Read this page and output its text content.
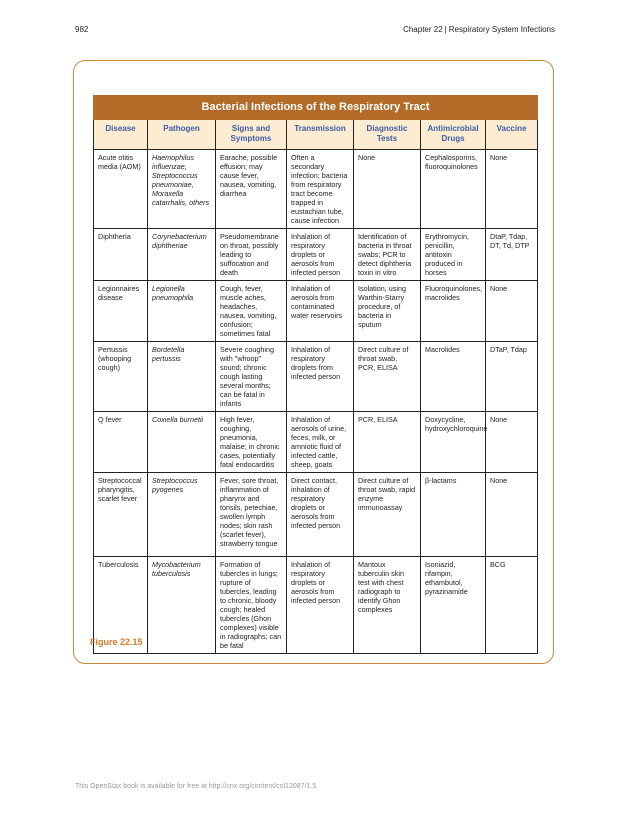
982	Chapter 22 | Respiratory System Infections
Bacterial Infections of the Respiratory Tract						
Disease	Pathogen	Signs and Symptoms	Transmission	Diagnostic Tests	Antimicrobial Drugs	Vaccine
Acute otitis media (AOM)	Haemophilus influenzae, Streptococcus pneumoniae, Moraxella catarrhalis, others	Earache, possible effusion; may cause fever, nausea, vomiting, diarrhea	Often a secondary infection; bacteria from respiratory tract become trapped in eustachian tube, cause infection	None	Cephalosporins, fluoroquinolones	None
Diphtheria	Corynebacterium diphtheriae	Pseudomembrane on throat, possibly leading to suffocation and death	Inhalation of respiratory droplets or aerosols from infected person	Identification of bacteria in throat swabs; PCR to detect diphtheria toxin in vitro	Erythromycin, penicillin, antitoxin produced in horses	DtaP, Tdap, DT, Td, DTP
Legionnaires disease	Legionella pneumophila	Cough, fever, muscle aches, headaches, nausea, vomiting, confusion; sometimes fatal	Inhalation of aerosols from contaminated water reservoirs	Isolation, using Warthin-Starry procedure, of bacteria in sputum	Fluoroquinolones, macrolides	None
Pertussis (whooping cough)	Bordetella pertussis	Severe coughing with "whoop" sound; chronic cough lasting several months; can be fatal in infants	Inhalation of respiratory droplets from infected person	Direct culture of throat swab, PCR, ELISA	Macrolides	DTaP, Tdap
Q fever	Coxiella burnetii	High fever, coughing, pneumonia, malaise; in chronic cases, potentially fatal endocarditis	Inhalation of aerosols of urine, feces, milk, or amniotic fluid of infected cattle, sheep, goats	PCR, ELISA	Doxycycline, hydroxychloroquine	None
Streptococcal pharyngitis, scarlet fever	Streptococcus pyogenes	Fever, sore throat, inflammation of pharynx and tonsils, petechiae, swollen lymph nodes; skin rash (scarlet fever), strawberry tongue	Direct contact, inhalation of respiratory droplets or aerosols from infected person	Direct culture of throat swab, rapid enzyme immunoassay	β-lactams	None
Tuberculosis	Mycobacterium tuberculosis	Formation of tubercles in lungs; rupture of tubercles, leading to chronic, bloody cough; healed tubercles (Ghon complexes) visible in radiographs; can be fatal	Inhalation of respiratory droplets or aerosols from infected person	Mantoux tuberculin skin test with chest radiograph to identify Ghon complexes	Isoniazid, rifampin, ethambutol, pyrazinamide	BCG
Figure 22.15
This OpenStax book is available for free at http://cnx.org/content/col12087/1.5
